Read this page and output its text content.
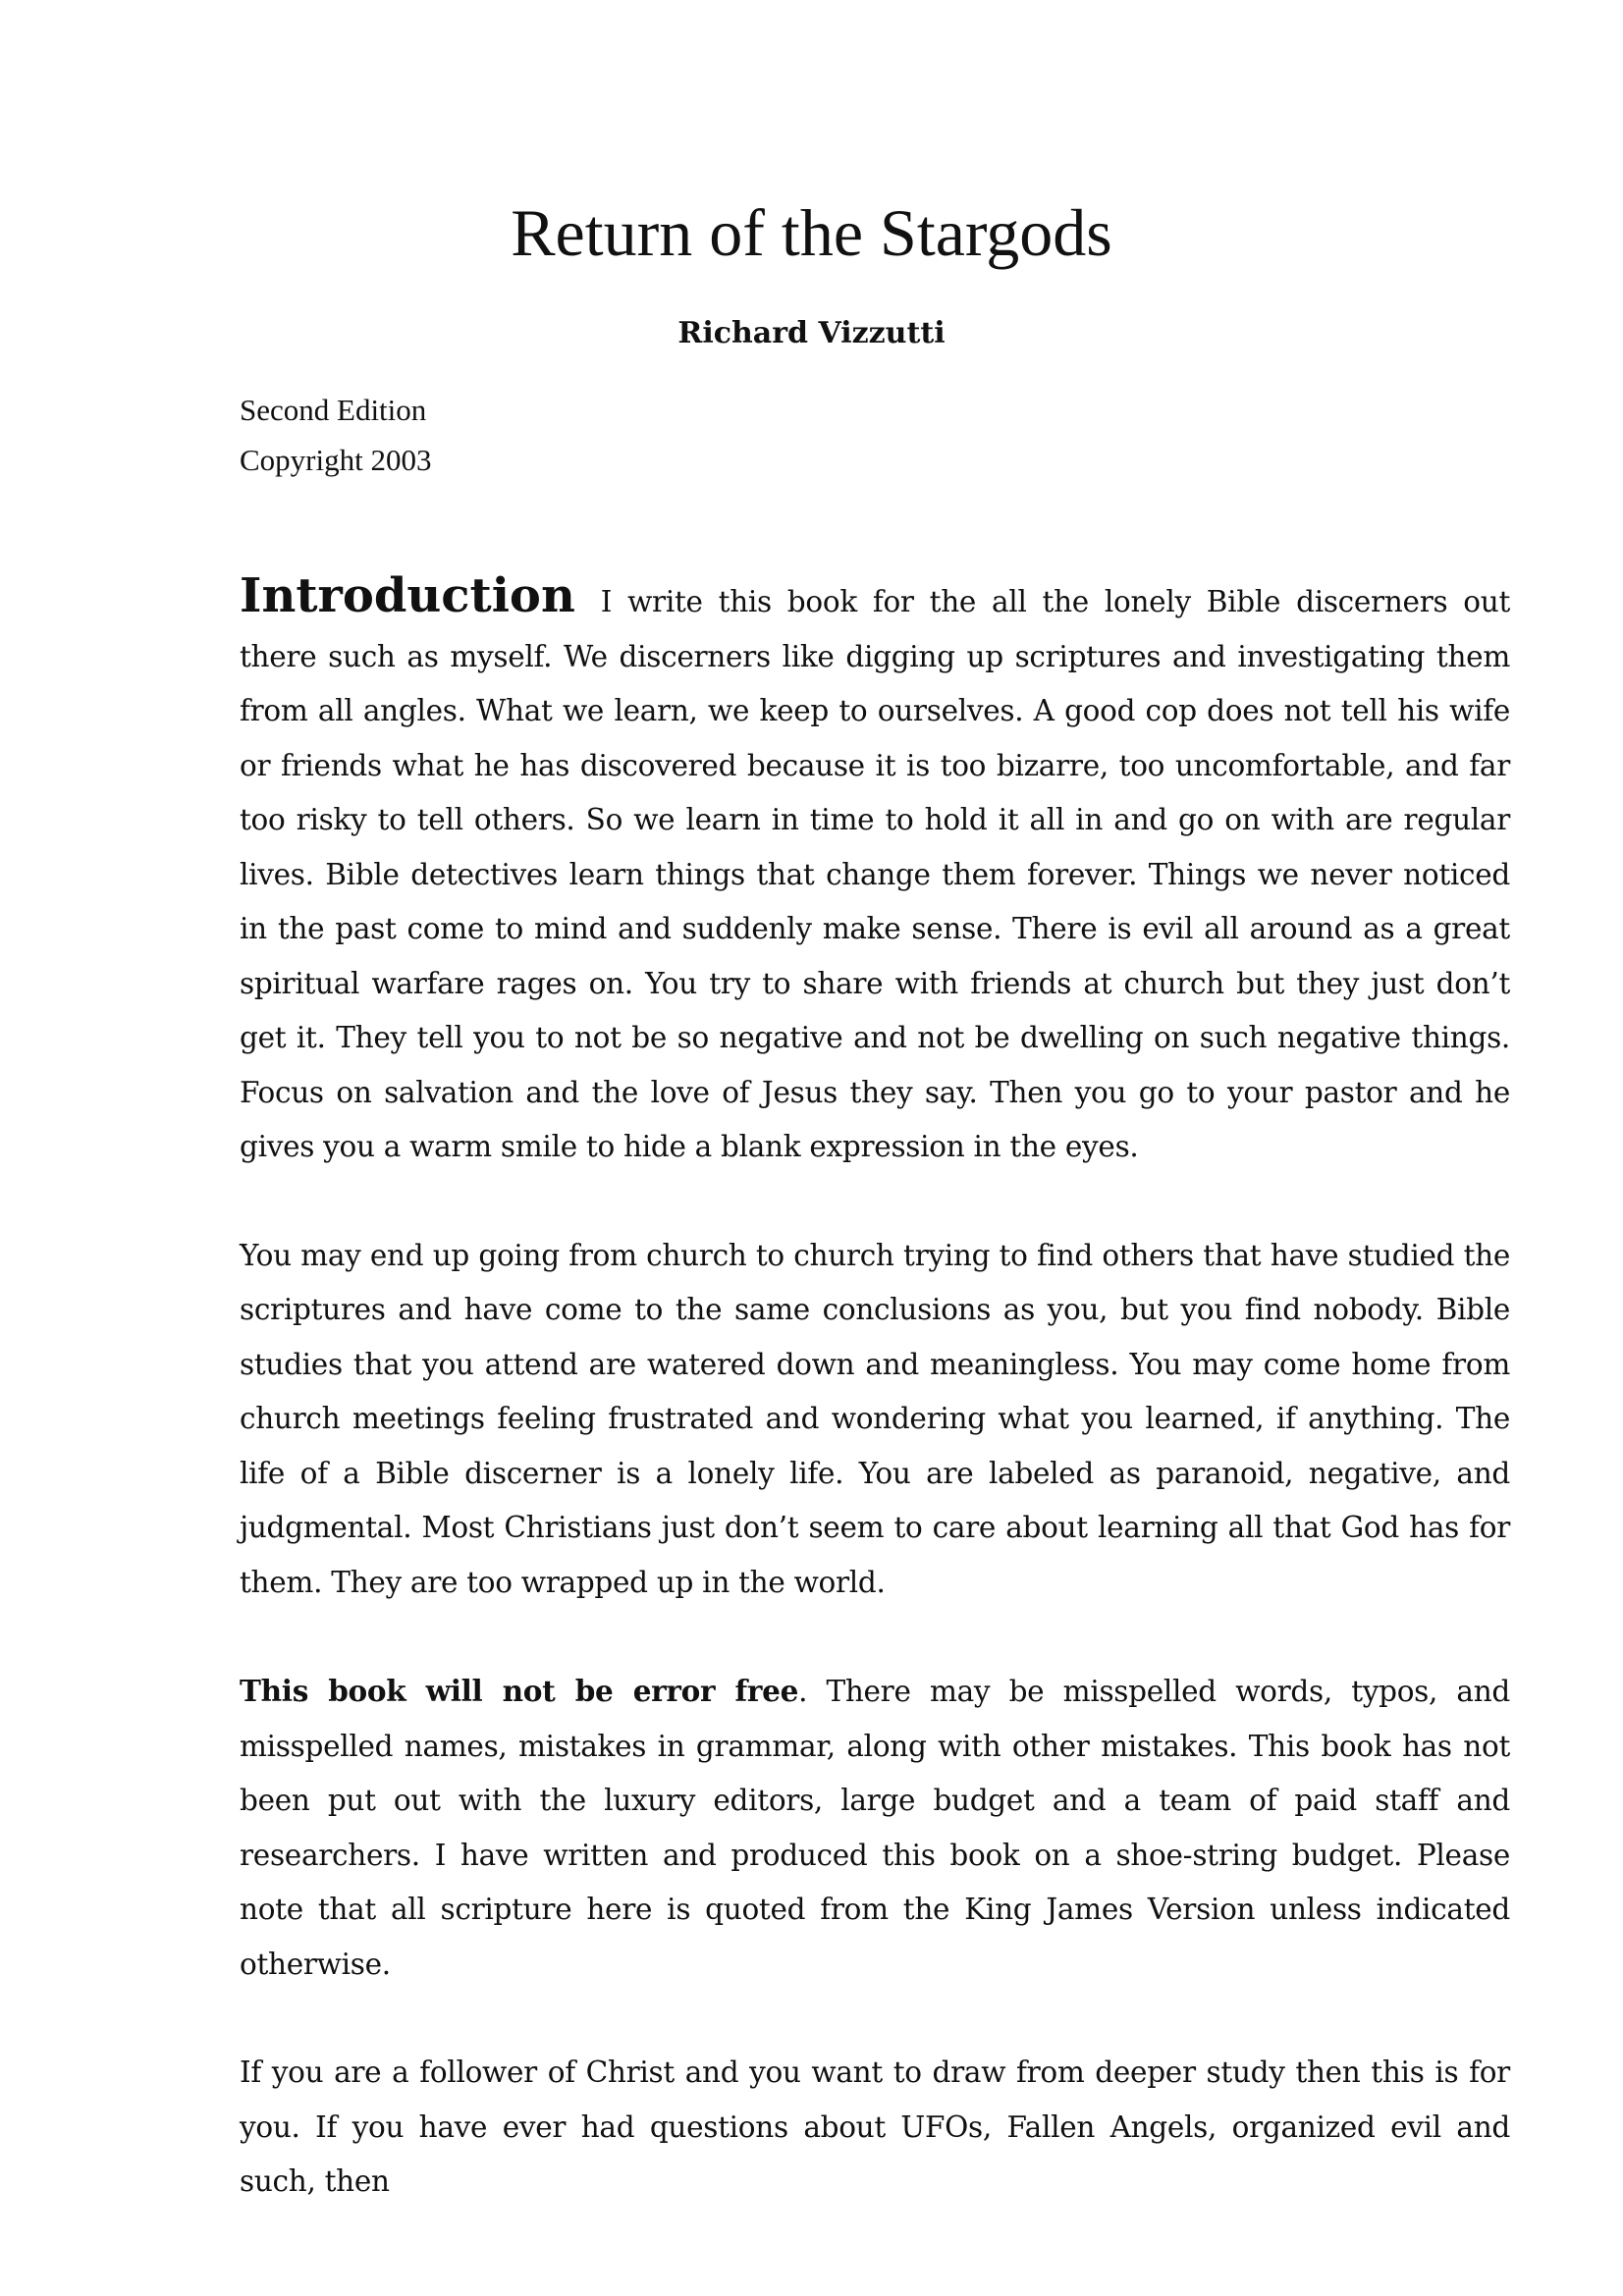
Return of the Stargods
Richard Vizzutti
Second Edition
Copyright 2003

Introduction I write this book for the all the lonely Bible discerners out there such as myself. We discerners like digging up scriptures and investigating them from all angles. What we learn, we keep to ourselves. A good cop does not tell his wife or friends what he has discovered because it is too bizarre, too uncomfortable, and far too risky to tell others. So we learn in time to hold it all in and go on with are regular lives. Bible detectives learn things that change them forever. Things we never noticed in the past come to mind and suddenly make sense. There is evil all around as a great spiritual warfare rages on. You try to share with friends at church but they just don’t get it. They tell you to not be so negative and not be dwelling on such negative things. Focus on salvation and the love of Jesus they say. Then you go to your pastor and he gives you a warm smile to hide a blank expression in the eyes.

You may end up going from church to church trying to find others that have studied the scriptures and have come to the same conclusions as you, but you find nobody. Bible studies that you attend are watered down and meaningless. You may come home from church meetings feeling frustrated and wondering what you learned, if anything. The life of a Bible discerner is a lonely life. You are labeled as paranoid, negative, and judgmental. Most Christians just don’t seem to care about learning all that God has for them. They are too wrapped up in the world.

This book will not be error free. There may be misspelled words, typos, and misspelled names, mistakes in grammar, along with other mistakes. This book has not been put out with the luxury editors, large budget and a team of paid staff and researchers. I have written and produced this book on a shoe-string budget. Please note that all scripture here is quoted from the King James Version unless indicated otherwise.

If you are a follower of Christ and you want to draw from deeper study then this is for you. If you have ever had questions about UFOs, Fallen Angels, organized evil and such, then
